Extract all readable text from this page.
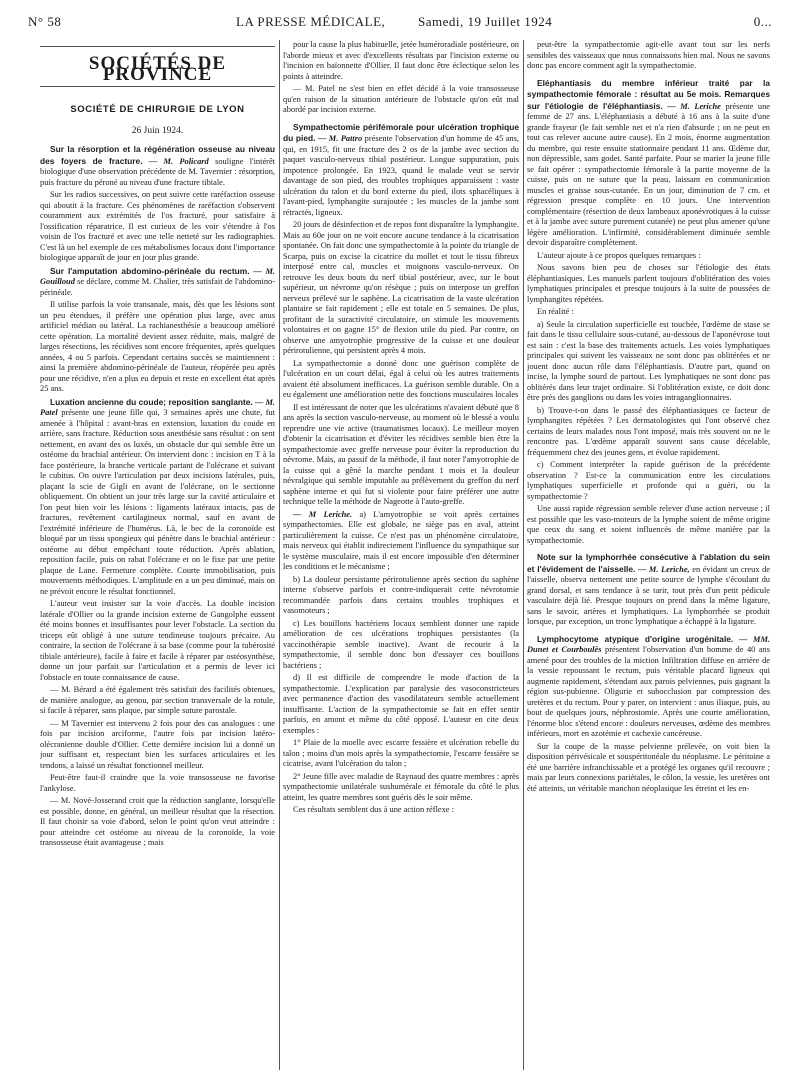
N° 58	LA PRESSE MÉDICALE,	Samedi, 19 Juillet 1924	0...
SOCIÉTÉS DE PROVINCE
SOCIÉTÉ DE CHIRURGIE DE LYON
26 Juin 1924.

Sur la résorption et la régénération osseuse au niveau des foyers de fracture. — M. Policard souligne l'intérêt biologique d'une observation précédente de M. Tavernier : résorption, puis fracture du péroné au niveau d'une fracture tibiale.

Sur les radios successives, on peut suivre cette raréfaction osseuse qui aboutit à la fracture. Ces phénomènes de raréfaction s'observent couramment aux extrémités de l'os fracturé, pour satisfaire à l'ossification réparatrice. Il est curieux de les voir s'étendre à l'os voisin de l'os fracturé et avec une telle netteté sur les radiographies. C'est là un bel exemple de ces métabolismes locaux dont l'importance biologique apparaît de jour en jour plus grande.

Sur l'amputation abdomino-périnéale du rectum. — M. Gouilloud se déclare, comme M. Chalier, très satisfait de l'abdomino-périnéale.

Il utilise parfois la voie transanale, mais, dès que les lésions sont un peu étendues, il préfère une opération plus large, avec anus artificiel médian ou latéral. La rachianesthésie a beaucoup amélioré cette opération. La mortalité devient assez réduite, mais, malgré de larges résections, les récidives sont encore fréquentes, après quelques années, 4 ou 5 parfois. Cependant certains succès se maintiennent : ainsi la première abdomino-périnéale de l'auteur, réopérée peu après pour une récidive, n'en a plus eu depuis et reste en excellent état après 25 ans.

Luxation ancienne du coude; reposition sanglante. — M. Patel présente une jeune fille qui, 3 semaines après une chute, fut amenée à l'hôpital : avant-bras en extension, luxation du coude en arrière, sans fracture. Réduction sous anesthésie sans résultat : on sent nettement, en avant des os luxés, un obstacle dur qui semble être un ostéome du brachial antérieur. On intervient donc : incision en T à la face postérieure, la branche verticale partant de l'olécrane et suivant le cubitus. On ouvre l'articulation par deux incisions latérales, puis, plaçant la scie de Gigli en avant de l'olécrane, on le sectionne obliquement. On obtient un jour très large sur la cavité articulaire et l'on peut bien voir les lésions : ligaments latéraux intacts, pas de fractures, revêtement cartilagineux normal, sauf en avant de l'extrémité inférieure de l'humérus. Là, le bec de la coronoïde est bloqué par un tissu spongieux qui pénètre dans le brachial antérieur : ostéome au début empêchant toute réduction. Après ablation, reposition facile, puis on rabat l'olécrane et on le fixe par une petite plaque de Lane. Fermeture complète. Courte immobilisation, puis mouvements méthodiques. L'amplitude en a un peu diminué, mais on ne prévoit encore le résultat fonctionnel.

L'auteur veut insister sur la voie d'accès. La double incision latérale d'Ollier ou la grande incision externe de Gangolphe eussent été moins bonnes et insuffisantes pour lever l'obstacle. La section du triceps eût obligé à une suture tendineuse toujours précaire. Au contraire, la section de l'olécrane à sa base (comme pour la tubérosité tibiale antérieure), facile à faire et facile à réparer par ostéosynthèse, donne un jour parfait sur l'articulation et a permis de lever ici l'obstacle en toute connaissance de cause.

— M. Bérard a été également très satisfait des facilités obtenues, de manière analogue, au genou, par section transversale de la rotule, si facile à réparer, sans plaque, par simple suture parostale.

— M Tavernier est intervenu 2 fois pour des cas analogues : une fois par incision arciforme, l'autre fois par incision latéro-olécranienne double d'Ollier. Cette dernière incision lui a donné un jour suffisant et, respectant bien les surfaces articulaires et les tendons, a laissé un résultat fonctionnel meilleur.

Peut-être faut-il craindre que la voie transosseuse ne favorise l'ankylose.

— M. Nové-Josserand croit que la réduction sanglante, lorsqu'elle est possible, donne, en général, un meilleur résultat que la résection. Il faut choisir sa voie d'abord, selon le point qu'on veut atteindre : pour atteindre cet ostéome au niveau de la coronoïde, la voie transosseuse était avantageuse ; mais

pour la cause la plus habituelle, jetée huméroradiale postérieure, on l'aborde mieux et avec d'excellents résultats par l'incision externe ou l'incision en baïonnette d'Ollier. Il faut donc être éclectique selon les points à atteindre.

— M. Patel ne s'est bien en effet décidé à la voie transosseuse qu'en raison de la situation antérieure de l'obstacle qu'on eût mal abordé par incision externe.

Sympathectomie périfémorale pour ulcération trophique du pied. — M. Pattro présente l'observation d'un homme de 45 ans, qui, en 1915, fit une fracture des 2 os de la jambe avec section du paquet vasculo-nerveux tibial postérieur. Longue suppuration, puis impotence prolongée. En 1923, quand le malade veut se servir davantage de son pied, des troubles trophiques apparaissent : vaste ulcération du talon et du bord externe du pied, ilots sphacéliques à l'avant-pied, lymphangite surajoutée ; les muscles de la jambe sont rétractés, ligneux.

20 jours de désinfection et de repos font disparaître la lymphangite. Mais au 60e jour on ne voit encore aucune tendance à la cicatrisation spontanée. On fait donc une sympathectomie à la pointe du triangle de Scarpa, puis on excise la cicatrice du mollet et tout le tissu fibreux interposé entre cal, muscles et moignons vasculo-nerveux. On retrouve les deux bouts du nerf tibial postérieur, avec, sur le bout supérieur, un névrome qu'on résèque ; puis on interpose un greffon nerveux prélevé sur le saphène. La cicatrisation de la vaste ulcération plantaire se fait rapidement ; elle est totale en 5 semaines. De plus, profitant de la suractivité circulatoire, on stimule les mouvements volontaires et on gagne 15° de flexion utile du pied. Par contre, on observe une amyotrophie progressive de la cuisse et une douleur périrotulienne, qui persistent après 4 mois.

La sympathectomie a donné donc une guérison complète de l'ulcération en un court délai, égal à celui où les autres traitements avaient été absolument inefficaces. La guérison semble durable. On a eu également une amélioration nette des fonctions musculaires locales

Il est intéressant de noter que les ulcérations n'avaient débuté que 8 ans après la section vasculo-nerveuse, au moment où le blessé a voulu reprendre une vie active (traumatismes locaux). Le meilleur moyen d'obtenir la cicatrisation et d'éviter les récidives semble bien être la sympathectomie avec greffe nerveuse pour éviter la reproduction du névrome. Mais, au passif de la méthode, il faut noter l'amyotrophie de la cuisse qui a gêné la marche pendant 1 mois et la douleur névralgique qui semble imputable au prélèvement du greffon du nerf saphène interne et qui fut si violente pour faire préférer une autre technique telle la méthode de Nageotte à l'auto-greffe.

— M Leriche. a) L'amyotrophie se voit après certaines sympathectomies. Elle est globale, ne siège pas en aval, atteint particulièrement la cuisse. Ce n'est pas un phénomène circulatoire, mais nerveux qui établit indirectement l'influence du sympathique sur le système musculaire, mais il est encore impossible d'en déterminer les conditions et le mécanisme ;

b) La douleur persistante périrotulienne après section du saphène interne s'observe parfois et contre-indiquerait cette névrotomie recommandée parfois dans certains troubles trophiques et vasomoteurs ;

c) Les bouillons bactériens locaux semblent donner une rapide amélioration de ces ulcérations trophiques persistantes (la vaccinothérapie semble inactive). Avant de recourir à la sympathectomie, il semble donc bon d'essayer ces bouillons bactériens ;

d) Il est difficile de comprendre le mode d'action de la sympathectomie. L'explication par paralysie des vasoconstricteurs avec permanence d'action des vasodilatateurs semble actuellement insuffisante. L'action de la sympathectomie se fait en effet sentir parfois, en amont et même du côté opposé. L'auteur en cite deux exemples :

1° Plaie de la moelle avec escarre fessière et ulcération rebelle du talon ; moins d'un mois après la sympathectomie, l'escarre fessière se cicatrise, avant l'ulcération du talon ;

2° Jeune fille avec maladie de Raynaud des quatre membres : après sympathectomie unilatérale sushumérale et fémorale du côté le plus atteint, les quatre membres sont guéris dès le soir même.

Ces résultats semblent dus à une action réflexe :

peut-être la sympathectomie agit-elle avant tout sur les nerfs sensibles des vaisseaux que nous connaissons bien mal. Nous ne savons donc pas encore comment agit la sympathectomie.

Eléphantiasis du membre inférieur traité par la sympathectomie fémorale : résultat au 5e mois. Remarques sur l'étiologie de l'éléphantiasis. — M. Leriche présente une femme de 27 ans. L'éléphantiasis a débuté à 16 ans à la suite d'une grande frayeur (le fait semble net et n'a rien d'absurde ; on ne peut en tout cas relever aucune autre cause). En 2 mois, énorme augmentation du membre, qui reste ensuite stationnaire pendant 11 ans. Œdème dur, non dépressible, sans godet. Santé parfaite. Pour se marier la jeune fille se fait opérer : sympathectomie fémorale à la partie moyenne de la cuisse, puis on ne suture que la peau, laissant en communication muscles et graisse sous-cutanée. En un jour, diminution de 7 cm. et régression presque complète en 10 jours. Une intervention complémentaire (résection de deux lambeaux aponévrotiques à la cuisse et à la jambe avec suture purement cutanée) ne peut plus amener qu'une légère amélioration. L'infirmité, considérablement diminuée semble devoir disparaître complètement.

L'auteur ajoute à ce propos quelques remarques :

Nous savons bien peu de choses sur l'étiologie des états éléphantiasiques. Les manuels parlent toujours d'oblitération des voies lymphatiques principales et presque toujours à la suite de poussées de lymphangites répétées.

En réalité :

a) Seule la circulation superficielle est touchée, l'œdème de stase se fait dans le tissu cellulaire sous-cutané, au-dessous de l'aponévrose tout est sain : c'est la base des traitements actuels. Les voies lymphatiques principales qui suivent les vaisseaux ne sont donc pas oblitérées et ne jouent donc aucun rôle dans l'éléphantiasis. D'autre part, quand on incise, la lymphe sourd de partout. Les lymphatiques ne sont donc pas oblitérés dans leur trajet ordinaire. Si l'oblitération existe, ce doit donc être près des ganglions ou dans les voies intraganglionnaires.

b) Trouve-t-on dans le passé des éléphantiasiques ce facteur de lymphangites répétées ? Les dermatologistes qui l'ont observé chez certains de leurs malades nous l'ont imposé, mais très souvent on ne le rencontre pas. L'œdème apparaît souvent sans cause décelable, fréquemment chez des jeunes gens, et évolue rapidement.

c) Comment interpréter la rapide guérison de la précédente observation ? Est-ce la communication entre les circulations lymphatiques superficielle et profonde qui a guéri, ou la sympathectomie ?

Une aussi rapide régression semble relever d'une action nerveuse ; il est possible que les vaso-moteurs de la lymphe soient de même origine que ceux du sang et soient influencés de même manière par la sympathectomie.

Note sur la lymphorrhée consécutive à l'ablation du sein et l'évidement de l'aisselle. — M. Leriche, en évidant un creux de l'aisselle, observa nettement une petite source de lymphe s'écoulant du grand dorsal, et sans tendance à se tarir, tout près d'un petit pédicule vasculaire déjà lié. Presque toujours on prend dans la même ligature, sans le savoir, artères et lymphatiques. La lymphorrhée se produit lorsque, par exception, un tronc lymphatique a échappé à la ligature.

Lymphocytome atypique d'origine urogénitale. — MM. Dunet et Courboulès présentent l'observation d'un homme de 40 ans amené pour des troubles de la miction Infiltration diffuse en arrière de la vessie repoussant le rectum, puis véritable placard ligneux qui augmente rapidement, s'étendant aux parois pelviennes, puis gagnant la région sus-pubienne. Oligurie et subocclusion par compression des uretères et du rectum. Pour y parer, on intervient : anus iliaque, puis, au bout de quelques jours, néphrostomie. Après une courte amélioration, l'énorme bloc s'étend encore : douleurs nerveuses, œdème des membres inférieurs, mort en azotémie et cachexie cancéreuse.

Sur la coupe de la masse pelvienne prélevée, on voit bien la disposition périvésicale et souspéritonéale du néoplasme. Le péritoine a été une barrière infranchissable et a protégé les organes qu'il recouvre ; mais par leurs connexions pariétales, le côlon, la vessie, les uretères ont été atteints, un véritable manchon néoplasique les étreint et les en-
